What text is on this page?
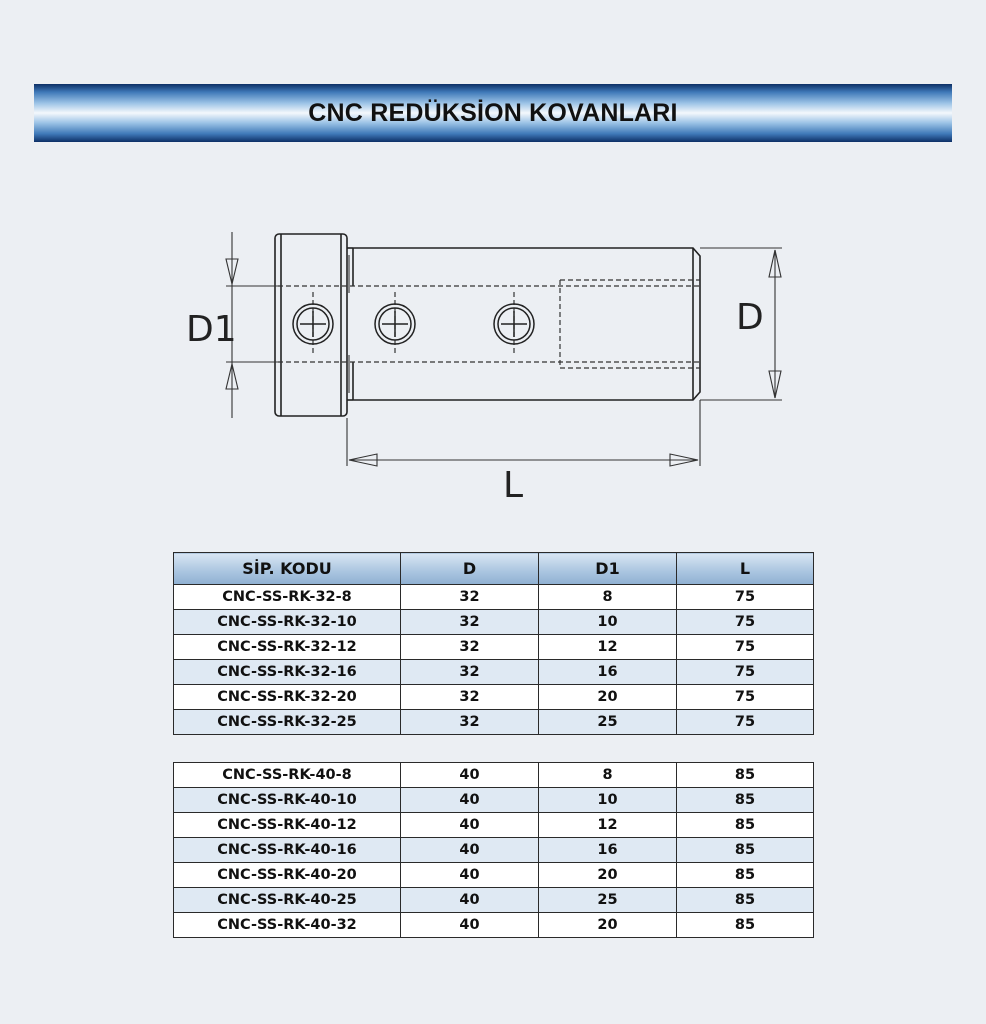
CNC REDÜKSİON KOVANLARI
D1	D
L
SİP. KODU	D	D1	L
CNC-SS-RK-32-8	32	8	75
CNC-SS-RK-32-10	32	10	75
CNC-SS-RK-32-12	32	12	75
CNC-SS-RK-32-16	32	16	75
CNC-SS-RK-32-20	32	20	75
CNC-SS-RK-32-25	32	25	75
CNC-SS-RK-40-8	40	8	85
CNC-SS-RK-40-10	40	10	85
CNC-SS-RK-40-12	40	12	85
CNC-SS-RK-40-16	40	16	85
CNC-SS-RK-40-20	40	20	85
CNC-SS-RK-40-25	40	25	85
CNC-SS-RK-40-32	40	20	85
